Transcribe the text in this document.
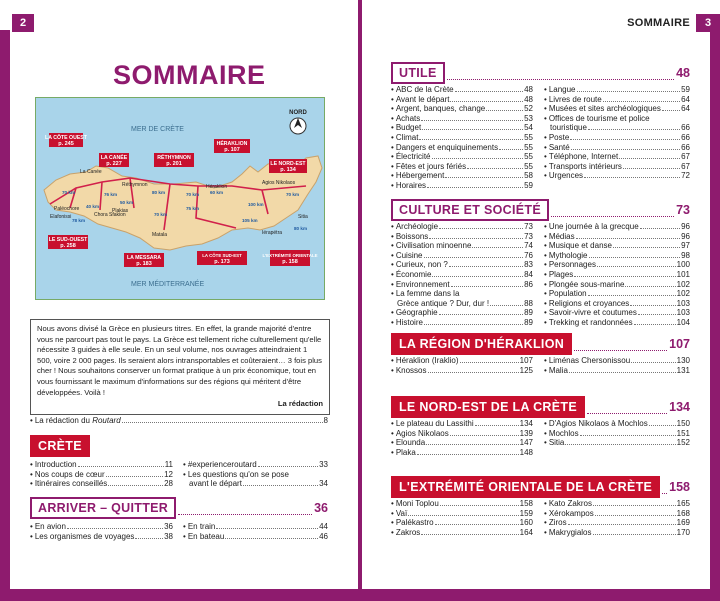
2
SOMMAIRE
MER DE CRÈTE
MER MÉDITERRANÉE
NORD
LA CÔTE OUEST
p. 245
LA CANÉE
p. 227
RÉTHYMNON
p. 201
HÉRAKLION
p. 107
LE NORD-EST
p. 134
LE SUD-OUEST
p. 258
LA MESSARA
p. 183
LA CÔTE SUD-EST
p. 173
L'EXTRÉMITÉ ORIENTALE
p. 158
La Canée
Réthymnon	Héraklion
Agios Nikolaos
Sitia
Paléochore
Elafonissi	Chora Sfakion
Plakias
Matala	Iérapétra
70 km
40 km
76 km	80 km	70 km 60 km	70 km
50 km
78 km
70 km
100 km
105 km
80 km
75 km

Nous avons divisé la Grèce en plusieurs titres. En effet, la grande majorité d'entre vous ne parcourt pas tout le pays. La Grèce est tellement riche culturellement qu'elle nécessite 3 guides à elle seule. En un seul volume, nos ouvrages atteindraient 1 500, voire 2 000 pages. Ils seraient alors intransportables et coûteraient… 3 fois plus cher ! Nous souhaitons conserver un format pratique à un prix économique, tout en vous fournissant le maximum d'informations sur des régions qui méritent d'être développées. Voilà !

La rédaction

• La rédaction du Routard	8
CRÈTE
• Introduction	11
• Nos coups de cœur	12
• Itinéraires conseillés	28
• #experienceroutard	33
• Les questions qu'on se pose
avant le départ	34
ARRIVER – QUITTER	36
• En avion	36
• Les organismes de voyages	38
• En train	44
• En bateau	46
SOMMAIRE	3
UTILE	48
• ABC de la Crète	48
• Avant le départ	48
• Argent, banques, change	52
• Achats	53
• Budget	54
• Climat	55
• Dangers et enquiquinements	55
• Électricité	55
• Fêtes et jours fériés	55
• Hébergement	58
• Horaires	59
• Langue	59
• Livres de route	64
• Musées et sites archéologiques	64
• Offices de tourisme et police
touristique	66
• Poste	66
• Santé	66
• Téléphone, Internet	67
• Transports intérieurs	67
• Urgences	72
CULTURE ET SOCIÉTÉ	73
• Archéologie	73
• Boissons	73
• Civilisation minoenne	74
• Cuisine	76
• Curieux, non ?	83
• Économie	84
• Environnement	86
• La femme dans la
Grèce antique ? Dur, dur !	88
• Géographie	89
• Histoire	89
• Une journée à la grecque	96
• Médias	96
• Musique et danse	97
• Mythologie	98
• Personnages	100
• Plages	101
• Plongée sous-marine	102
• Population	102
• Religions et croyances	103
• Savoir-vivre et coutumes	103
• Trekking et randonnées	104
LA RÉGION D'HÉRAKLION	107
• Héraklion (Iraklio)	107
• Knossos	125
• Liménas Chersonissou	130
• Malia	131
LE NORD-EST DE LA CRÈTE	134
• Le plateau du Lassithi	134
• Agios Nikolaos	139
• Elounda	147
• Plaka	148
• D'Agios Nikolaos à Mochlos	150
• Mochlos	151
• Sitia	152
L'EXTRÉMITÉ ORIENTALE DE LA CRÈTE	158
• Moni Toplou	158
• Vaï	159
• Palékastro	160
• Zakros	164
• Kato Zakros	165
• Xérokampos	168
• Ziros	169
• Makrygialos	170
